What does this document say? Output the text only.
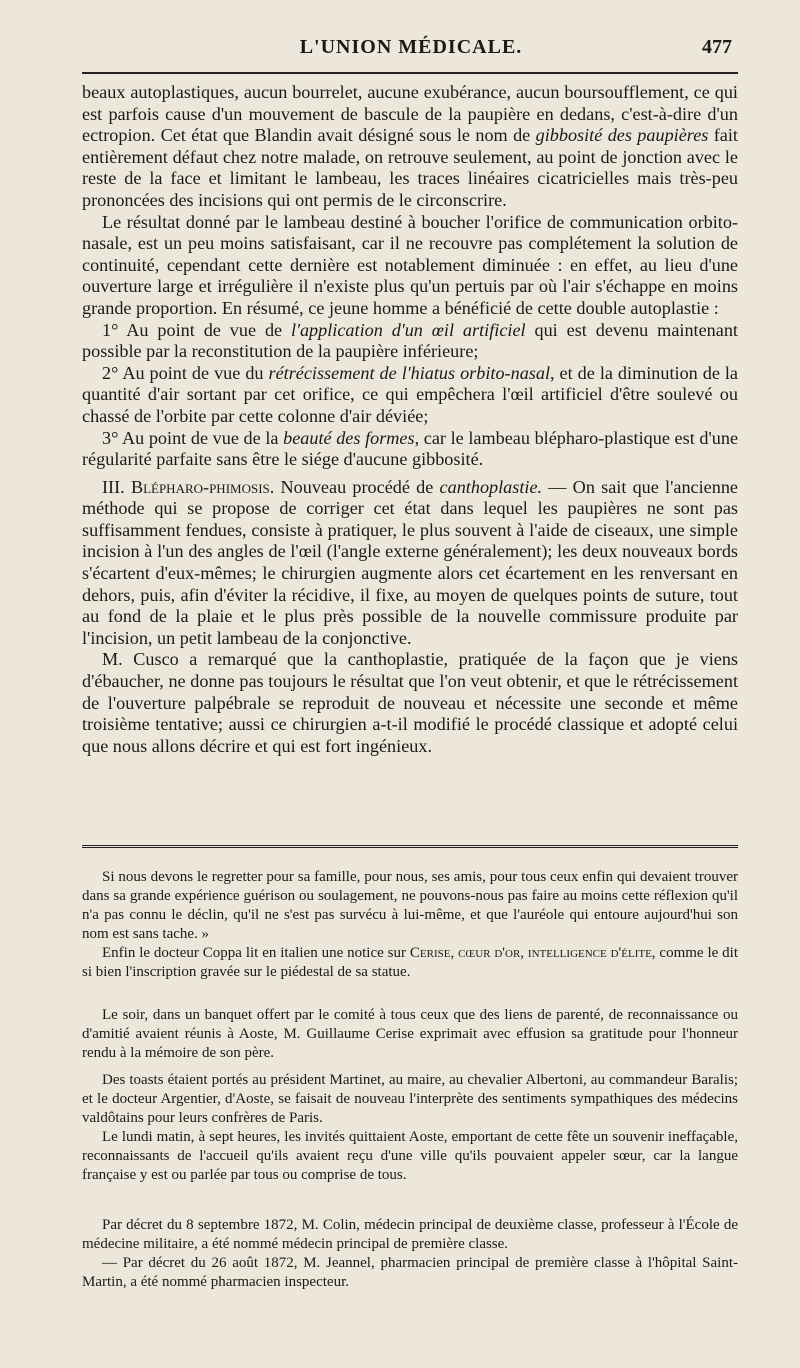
L'UNION MÉDICALE.	477

beaux autoplastiques, aucun bourrelet, aucune exubérance, aucun boursoufflement, ce qui est parfois cause d'un mouvement de bascule de la paupière en dedans, c'est-à-dire d'un ectropion. Cet état que Blandin avait désigné sous le nom de gibbosité des paupières fait entièrement défaut chez notre malade, on retrouve seulement, au point de jonction avec le reste de la face et limitant le lambeau, les traces linéaires cicatricielles mais très-peu prononcées des incisions qui ont permis de le circonscrire.

Le résultat donné par le lambeau destiné à boucher l'orifice de communication orbito-nasale, est un peu moins satisfaisant, car il ne recouvre pas complétement la solution de continuité, cependant cette dernière est notablement diminuée : en effet, au lieu d'une ouverture large et irrégulière il n'existe plus qu'un pertuis par où l'air s'échappe en moins grande proportion. En résumé, ce jeune homme a bénéficié de cette double autoplastie :

1° Au point de vue de l'application d'un œil artificiel qui est devenu maintenant possible par la reconstitution de la paupière inférieure;

2° Au point de vue du rétrécissement de l'hiatus orbito-nasal, et de la diminution de la quantité d'air sortant par cet orifice, ce qui empêchera l'œil artificiel d'être soulevé ou chassé de l'orbite par cette colonne d'air déviée;

3° Au point de vue de la beauté des formes, car le lambeau blépharo-plastique est d'une régularité parfaite sans être le siége d'aucune gibbosité.

III. Blépharo-phimosis. Nouveau procédé de canthoplastie. — On sait que l'ancienne méthode qui se propose de corriger cet état dans lequel les paupières ne sont pas suffisamment fendues, consiste à pratiquer, le plus souvent à l'aide de ciseaux, une simple incision à l'un des angles de l'œil (l'angle externe généralement); les deux nouveaux bords s'écartent d'eux-mêmes; le chirurgien augmente alors cet écartement en les renversant en dehors, puis, afin d'éviter la récidive, il fixe, au moyen de quelques points de suture, tout au fond de la plaie et le plus près possible de la nouvelle commissure produite par l'incision, un petit lambeau de la conjonctive.

M. Cusco a remarqué que la canthoplastie, pratiquée de la façon que je viens d'ébaucher, ne donne pas toujours le résultat que l'on veut obtenir, et que le rétrécissement de l'ouverture palpébrale se reproduit de nouveau et nécessite une seconde et même troisième tentative; aussi ce chirurgien a-t-il modifié le procédé classique et adopté celui que nous allons décrire et qui est fort ingénieux.

Si nous devons le regretter pour sa famille, pour nous, ses amis, pour tous ceux enfin qui devaient trouver dans sa grande expérience guérison ou soulagement, ne pouvons-nous pas faire au moins cette réflexion qu'il n'a pas connu le déclin, qu'il ne s'est pas survécu à lui-même, et que l'auréole qui entoure aujourd'hui son nom est sans tache. »

Enfin le docteur Coppa lit en italien une notice sur Cerise, cœur d'or, intelligence d'élite, comme le dit si bien l'inscription gravée sur le piédestal de sa statue.

Le soir, dans un banquet offert par le comité à tous ceux que des liens de parenté, de reconnaissance ou d'amitié avaient réunis à Aoste, M. Guillaume Cerise exprimait avec effusion sa gratitude pour l'honneur rendu à la mémoire de son père.

Des toasts étaient portés au président Martinet, au maire, au chevalier Albertoni, au commandeur Baralis; et le docteur Argentier, d'Aoste, se faisait de nouveau l'interprète des sentiments sympathiques des médecins valdôtains pour leurs confrères de Paris.

Le lundi matin, à sept heures, les invités quittaient Aoste, emportant de cette fête un souvenir ineffaçable, reconnaissants de l'accueil qu'ils avaient reçu d'une ville qu'ils pouvaient appeler sœur, car la langue française y est ou parlée par tous ou comprise de tous.

Par décret du 8 septembre 1872, M. Colin, médecin principal de deuxième classe, professeur à l'École de médecine militaire, a été nommé médecin principal de première classe.

— Par décret du 26 août 1872, M. Jeannel, pharmacien principal de première classe à l'hôpital Saint-Martin, a été nommé pharmacien inspecteur.
